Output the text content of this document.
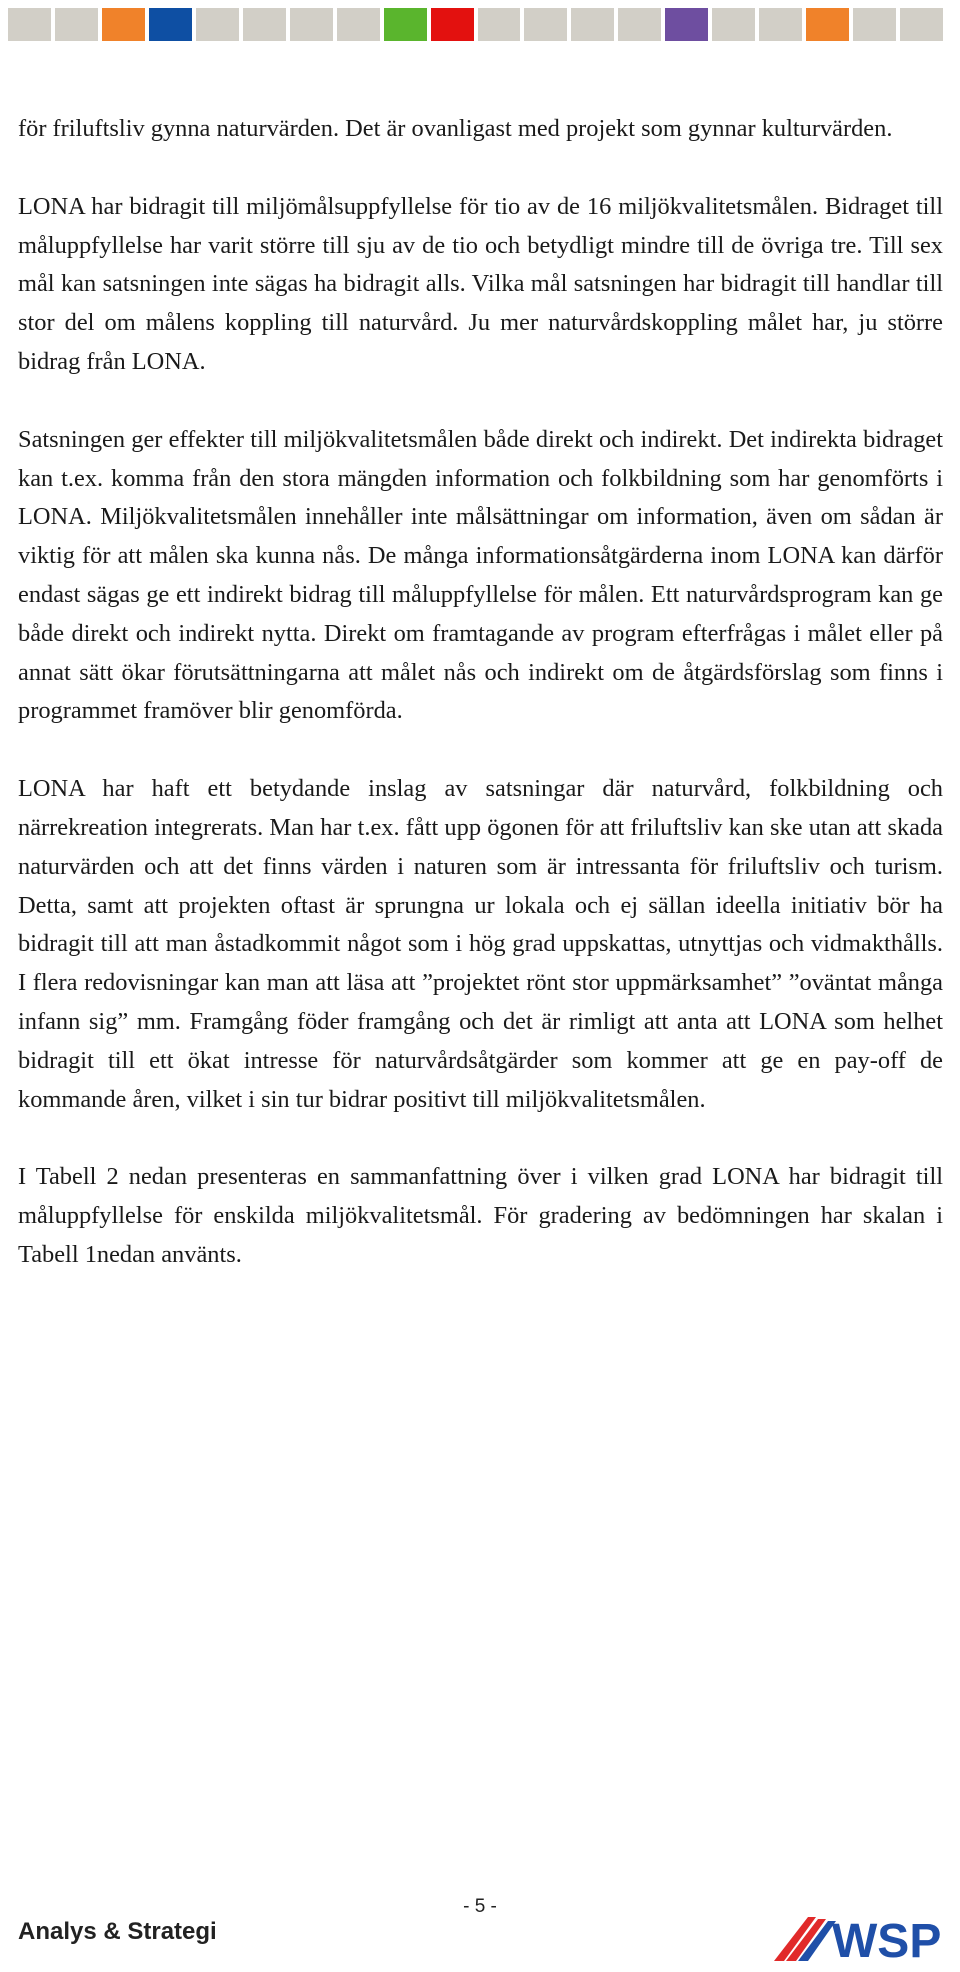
för friluftsliv gynna naturvärden. Det är ovanligast med projekt som gynnar kulturvärden.

LONA har bidragit till miljömålsuppfyllelse för tio av de 16 miljökvalitetsmålen. Bidraget till måluppfyllelse har varit större till sju av de tio och betydligt mindre till de övriga tre. Till sex mål kan satsningen inte sägas ha bidragit alls. Vilka mål satsningen har bidragit till handlar till stor del om målens koppling till naturvård. Ju mer naturvårdskoppling målet har, ju större bidrag från LONA.

Satsningen ger effekter till miljökvalitetsmålen både direkt och indirekt. Det indirekta bidraget kan t.ex. komma från den stora mängden information och folkbildning som har genomförts i LONA. Miljökvalitetsmålen innehåller inte målsättningar om information, även om sådan är viktig för att målen ska kunna nås. De många informationsåtgärderna inom LONA kan därför endast sägas ge ett indirekt bidrag till måluppfyllelse för målen. Ett naturvårdsprogram kan ge både direkt och indirekt nytta. Direkt om framtagande av program efterfrågas i målet eller på annat sätt ökar förutsättningarna att målet nås och indirekt om de åtgärdsförslag som finns i programmet framöver blir genomförda.

LONA har haft ett betydande inslag av satsningar där naturvård, folkbildning och närrekreation integrerats. Man har t.ex. fått upp ögonen för att friluftsliv kan ske utan att skada naturvärden och att det finns värden i naturen som är intressanta för friluftsliv och turism. Detta, samt att projekten oftast är sprungna ur lokala och ej sällan ideella initiativ bör ha bidragit till att man åstadkommit något som i hög grad uppskattas, utnyttjas och vidmakthålls. I flera redovisningar kan man att läsa att ”projektet rönt stor uppmärksamhet” ”oväntat många infann sig” mm. Framgång föder framgång och det är rimligt att anta att LONA som helhet bidragit till ett ökat intresse för naturvårdsåtgärder som kommer att ge en pay-off de kommande åren, vilket i sin tur bidrar positivt till miljökvalitetsmålen.

I Tabell 2 nedan presenteras en sammanfattning över i vilken grad LONA har bidragit till måluppfyllelse för enskilda miljökvalitetsmål. För gradering av bedömningen har skalan i Tabell 1nedan använts.

- 5 -
Analys & Strategi	WSP
